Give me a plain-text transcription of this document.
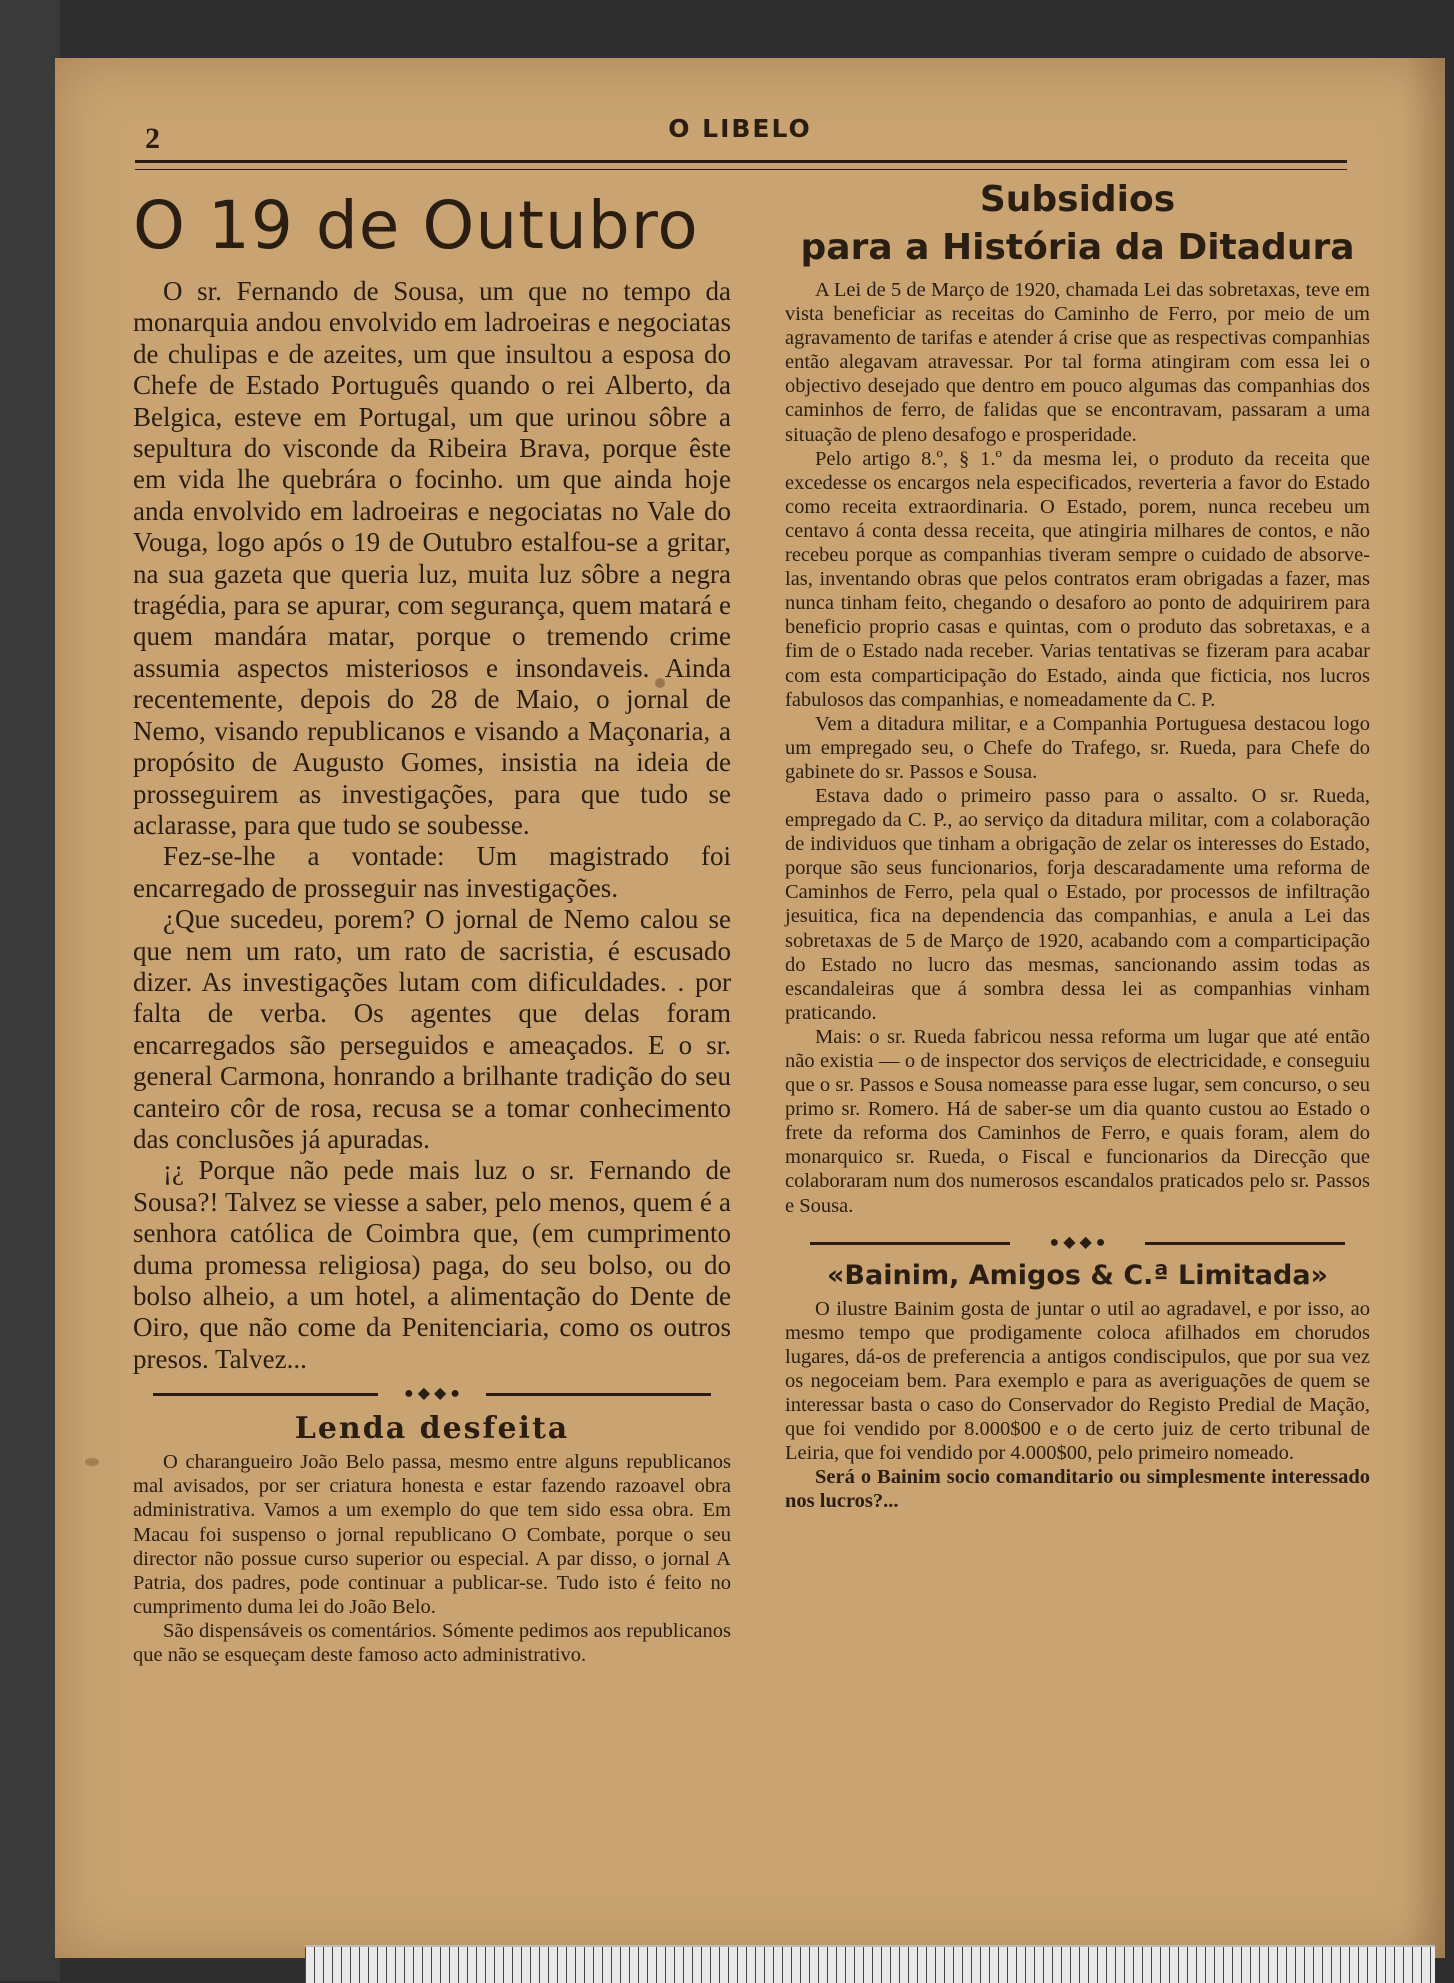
2	O LIBELO
O 19 de Outubro

O sr. Fernando de Sousa, um que no tempo da monarquia andou envolvido em ladroeiras e negociatas de chulipas e de azeites, um que insultou a esposa do Chefe de Estado Português quando o rei Alberto, da Belgica, esteve em Portugal, um que urinou sôbre a sepultura do visconde da Ribeira Brava, porque êste em vida lhe quebrára o focinho. um que ainda hoje anda envolvido em ladroeiras e negociatas no Vale do Vouga, logo após o 19 de Outubro estalfou-se a gritar, na sua gazeta que queria luz, muita luz sôbre a negra tragédia, para se apurar, com segurança, quem matará e quem mandára matar, porque o tremendo crime assumia aspectos misteriosos e insondaveis. Ainda recentemente, depois do 28 de Maio, o jornal de Nemo, visando republicanos e visando a Maçonaria, a propósito de Augusto Gomes, insistia na ideia de prosseguirem as investigações, para que tudo se aclarasse, para que tudo se soubesse.

Fez-se-lhe a vontade: Um magistrado foi encarregado de prosseguir nas investigações.

¿Que sucedeu, porem? O jornal de Nemo calou se que nem um rato, um rato de sacristia, é escusado dizer. As investigações lutam com dificuldades. . por falta de verba. Os agentes que delas foram encarregados são perseguidos e ameaçados. E o sr. general Carmona, honrando a brilhante tradição do seu canteiro côr de rosa, recusa se a tomar conhecimento das conclusões já apuradas.

¡¿ Porque não pede mais luz o sr. Fernando de Sousa?! Talvez se viesse a saber, pelo menos, quem é a senhora católica de Coimbra que, (em cumprimento duma promessa religiosa) paga, do seu bolso, ou do bolso alheio, a um hotel, a alimentação do Dente de Oiro, que não come da Penitenciaria, como os outros presos. Talvez...

● ◆ ◆ ●
Lenda desfeita

O charangueiro João Belo passa, mesmo entre alguns republicanos mal avisados, por ser criatura honesta e estar fazendo razoavel obra administrativa. Vamos a um exemplo do que tem sido essa obra. Em Macau foi suspenso o jornal republicano O Combate, porque o seu director não possue curso superior ou especial. A par disso, o jornal A Patria, dos padres, pode continuar a publicar-se. Tudo isto é feito no cumprimento duma lei do João Belo.

São dispensáveis os comentários. Sómente pedimos aos republicanos que não se esqueçam deste famoso acto administrativo.

Subsidios
para a História da Ditadura

A Lei de 5 de Março de 1920, chamada Lei das sobretaxas, teve em vista beneficiar as receitas do Caminho de Ferro, por meio de um agravamento de tarifas e atender á crise que as respectivas companhias então alegavam atravessar. Por tal forma atingiram com essa lei o objectivo desejado que dentro em pouco algumas das companhias dos caminhos de ferro, de falidas que se encontravam, passaram a uma situação de pleno desafogo e prosperidade.

Pelo artigo 8.º, § 1.º da mesma lei, o produto da receita que excedesse os encargos nela especificados, reverteria a favor do Estado como receita extraordinaria. O Estado, porem, nunca recebeu um centavo á conta dessa receita, que atingiria milhares de contos, e não recebeu porque as companhias tiveram sempre o cuidado de absorve-las, inventando obras que pelos contratos eram obrigadas a fazer, mas nunca tinham feito, chegando o desaforo ao ponto de adquirirem para beneficio proprio casas e quintas, com o produto das sobretaxas, e a fim de o Estado nada receber. Varias tentativas se fizeram para acabar com esta comparticipação do Estado, ainda que ficticia, nos lucros fabulosos das companhias, e nomeadamente da C. P.

Vem a ditadura militar, e a Companhia Portuguesa destacou logo um empregado seu, o Chefe do Trafego, sr. Rueda, para Chefe do gabinete do sr. Passos e Sousa.

Estava dado o primeiro passo para o assalto. O sr. Rueda, empregado da C. P., ao serviço da ditadura militar, com a colaboração de individuos que tinham a obrigação de zelar os interesses do Estado, porque são seus funcionarios, forja descaradamente uma reforma de Caminhos de Ferro, pela qual o Estado, por processos de infiltração jesuitica, fica na dependencia das companhias, e anula a Lei das sobretaxas de 5 de Março de 1920, acabando com a comparticipação do Estado no lucro das mesmas, sancionando assim todas as escandaleiras que á sombra dessa lei as companhias vinham praticando.

Mais: o sr. Rueda fabricou nessa reforma um lugar que até então não existia — o de inspector dos serviços de electricidade, e conseguiu que o sr. Passos e Sousa nomeasse para esse lugar, sem concurso, o seu primo sr. Romero. Há de saber-se um dia quanto custou ao Estado o frete da reforma dos Caminhos de Ferro, e quais foram, alem do monarquico sr. Rueda, o Fiscal e funcionarios da Direcção que colaboraram num dos numerosos escandalos praticados pelo sr. Passos e Sousa.

● ◆ ◆ ●
«Bainim, Amigos & C.ª Limitada»

O ilustre Bainim gosta de juntar o util ao agradavel, e por isso, ao mesmo tempo que prodigamente coloca afilhados em chorudos lugares, dá-os de preferencia a antigos condiscipulos, que por sua vez os negoceiam bem. Para exemplo e para as averiguações de quem se interessar basta o caso do Conservador do Registo Predial de Mação, que foi vendido por 8.000$00 e o de certo juiz de certo tribunal de Leiria, que foi vendido por 4.000$00, pelo primeiro nomeado.

Será o Bainim socio comanditario ou simplesmente interessado nos lucros?...
